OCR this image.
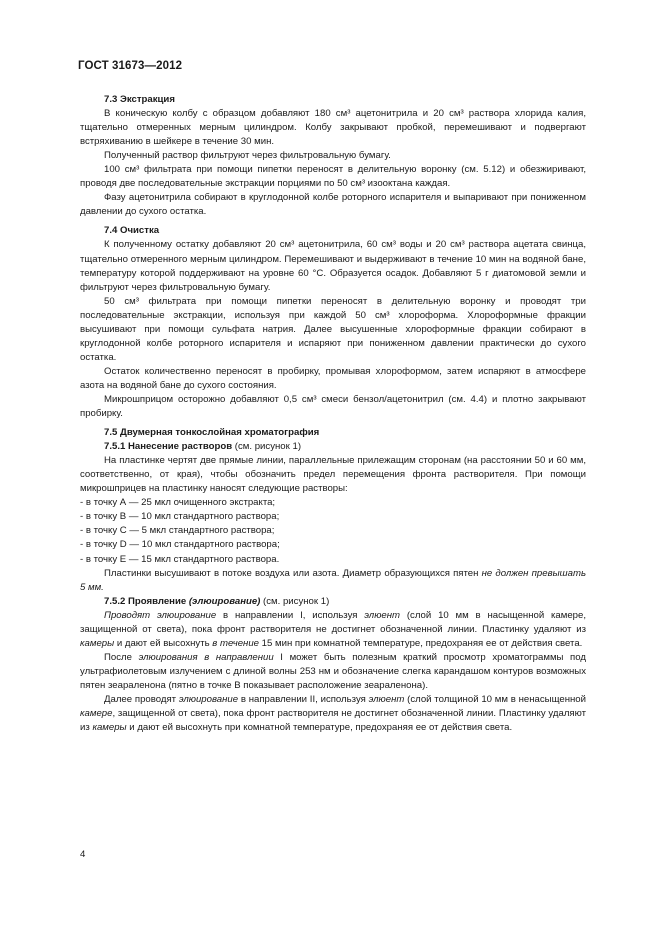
ГОСТ 31673—2012
7.3 Экстракция

В коническую колбу с образцом добавляют 180 см³ ацетонитрила и 20 см³ раствора хлорида калия, тщательно отмеренных мерным цилиндром. Колбу закрывают пробкой, перемешивают и подвергают встряхиванию в шейкере в течение 30 мин.

Полученный раствор фильтруют через фильтровальную бумагу.

100 см³ фильтрата при помощи пипетки переносят в делительную воронку (см. 5.12) и обезжиривают, проводя две последовательные экстракции порциями по 50 см³ изооктана каждая.

Фазу ацетонитрила собирают в круглодонной колбе роторного испарителя и выпаривают при пониженном давлении до сухого остатка.

7.4 Очистка

К полученному остатку добавляют 20 см³ ацетонитрила, 60 см³ воды и 20 см³ раствора ацетата свинца, тщательно отмеренного мерным цилиндром. Перемешивают и выдерживают в течение 10 мин на водяной бане, температуру которой поддерживают на уровне 60 °С. Образуется осадок. Добавляют 5 г диатомовой земли и фильтруют через фильтровальную бумагу.

50 см³ фильтрата при помощи пипетки переносят в делительную воронку и проводят три последовательные экстракции, используя при каждой 50 см³ хлороформа. Хлороформные фракции высушивают при помощи сульфата натрия. Далее высушенные хлороформные фракции собирают в круглодонной колбе роторного испарителя и испаряют при пониженном давлении практически до сухого остатка.

Остаток количественно переносят в пробирку, промывая хлороформом, затем испаряют в атмосфере азота на водяной бане до сухого состояния.

Микрошприцом осторожно добавляют 0,5 см³ смеси бензол/ацетонитрил (см. 4.4) и плотно закрывают пробирку.

7.5 Двумерная тонкослойная хроматография

7.5.1 Нанесение растворов (см. рисунок 1)

На пластинке чертят две прямые линии, параллельные прилежащим сторонам (на расстоянии 50 и 60 мм, соответственно, от края), чтобы обозначить предел перемещения фронта растворителя. При помощи микрошприцев на пластинку наносят следующие растворы:

- в точку А — 25 мкл очищенного экстракта;

- в точку В — 10 мкл стандартного раствора;

- в точку С — 5 мкл стандартного раствора;

- в точку D — 10 мкл стандартного раствора;

- в точку Е — 15 мкл стандартного раствора.

Пластинки высушивают в потоке воздуха или азота. Диаметр образующихся пятен не должен превышать 5 мм.

7.5.2 Проявление (элюирование) (см. рисунок 1)

Проводят элюирование в направлении I, используя элюент (слой 10 мм в насыщенной камере, защищенной от света), пока фронт растворителя не достигнет обозначенной линии. Пластинку удаляют из камеры и дают ей высохнуть в течение 15 мин при комнатной температуре, предохраняя ее от действия света.

После элюирования в направлении I может быть полезным краткий просмотр хроматограммы под ультрафиолетовым излучением с длиной волны 253 нм и обозначение слегка карандашом контуров возможных пятен зеараленона (пятно в точке В показывает расположение зеараленона).

Далее проводят элюирование в направлении II, используя элюент (слой толщиной 10 мм в ненасыщенной камере, защищенной от света), пока фронт растворителя не достигнет обозначенной линии. Пластинку удаляют из камеры и дают ей высохнуть при комнатной температуре, предохраняя ее от действия света.

4
